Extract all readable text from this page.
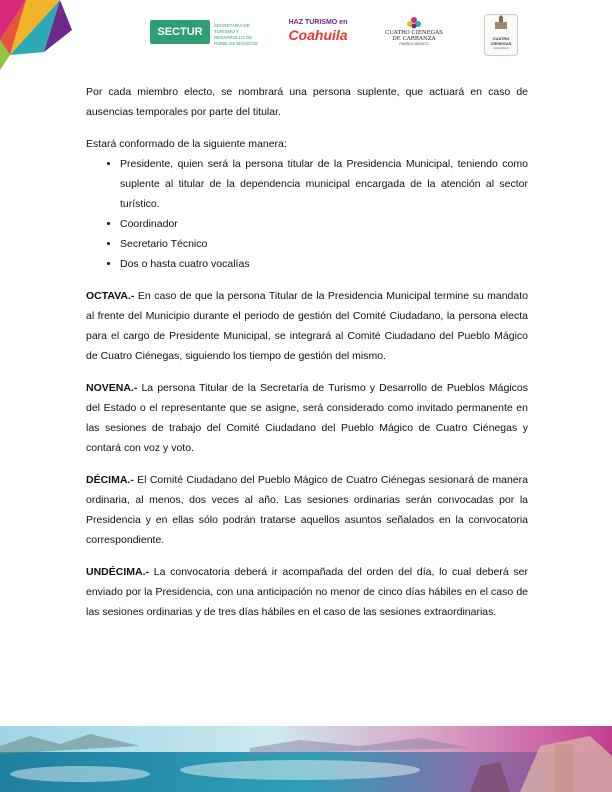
SECTUR
SECRETARÍA DE TURISMO Y DESARROLLO DE PUEBLOS MÁGICOS
HAZ TURISMO en
Coahuila	CUATRO CIÉNEGAS DE CARRANZA
PUEBLO MÁGICO
CUATRO CIÉNEGAS
COAHUILA

Por cada miembro electo, se nombrará una persona suplente, que actuará en caso de ausencias temporales por parte del titular.

Estará conformado de la siguiente manera:

• Presidente, quien será la persona titular de la Presidencia Municipal, teniendo como suplente al titular de la dependencia municipal encargada de la atención al sector turístico.
• Coordinador
• Secretario Técnico
• Dos o hasta cuatro vocalías

OCTAVA.- En caso de que la persona Titular de la Presidencia Municipal termine su mandato al frente del Municipio durante el periodo de gestión del Comité Ciudadano, la persona electa para el cargo de Presidente Municipal, se integrará al Comité Ciudadano del Pueblo Mágico de Cuatro Ciénegas, siguiendo los tiempo de gestión del mismo.

NOVENA.- La persona Titular de la Secretaría de Turismo y Desarrollo de Pueblos Mágicos del Estado o el representante que se asigne, será considerado como invitado permanente en las sesiones de trabajo del Comité Ciudadano del Pueblo Mágico de Cuatro Ciénegas y contará con voz y voto.

DÉCIMA.- El Comité Ciudadano del Pueblo Mágico de Cuatro Ciénegas sesionará de manera ordinaria, al menos, dos veces al año. Las sesiones ordinarias serán convocadas por la Presidencia y en ellas sólo podrán tratarse aquellos asuntos señalados en la convocatoria correspondiente.

UNDÉCIMA.- La convocatoria deberá ir acompañada del orden del día, lo cual deberá ser enviado por la Presidencia, con una anticipación no menor de cinco días hábiles en el caso de las sesiones ordinarias y de tres días hábiles en el caso de las sesiones extraordinarias.
